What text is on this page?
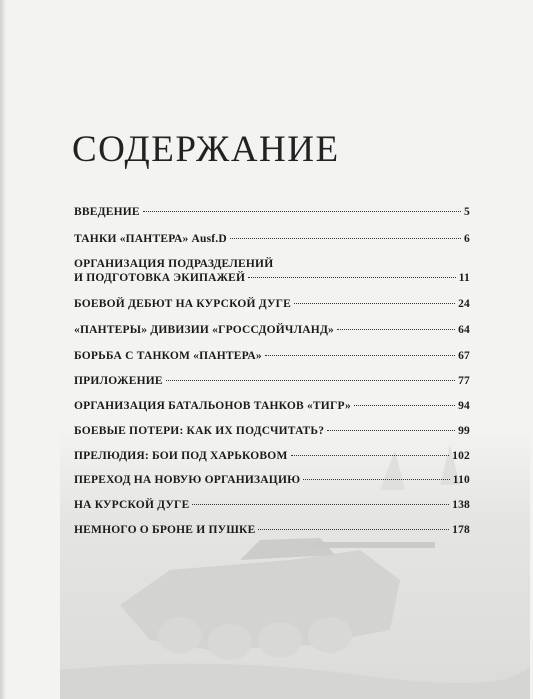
СОДЕРЖАНИЕ
ВВЕДЕНИЕ	5
ТАНКИ «ПАНТЕРА» Ausf.D	6
ОРГАНИЗАЦИЯ ПОДРАЗДЕЛЕНИЙ
И ПОДГОТОВКА ЭКИПАЖЕЙ	11
БОЕВОЙ ДЕБЮТ НА КУРСКОЙ ДУГЕ	24
«ПАНТЕРЫ» ДИВИЗИИ «ГРОССДОЙЧЛАНД»	64
БОРЬБА С ТАНКОМ «ПАНТЕРА»	67
ПРИЛОЖЕНИЕ	77
ОРГАНИЗАЦИЯ БАТАЛЬОНОВ ТАНКОВ «ТИГР»	94
БОЕВЫЕ ПОТЕРИ: КАК ИХ ПОДСЧИТАТЬ?	99
ПРЕЛЮДИЯ: БОИ ПОД ХАРЬКОВОМ	102
ПЕРЕХОД НА НОВУЮ ОРГАНИЗАЦИЮ	110
НА КУРСКОЙ ДУГЕ	138
НЕМНОГО О БРОНЕ И ПУШКЕ	178
